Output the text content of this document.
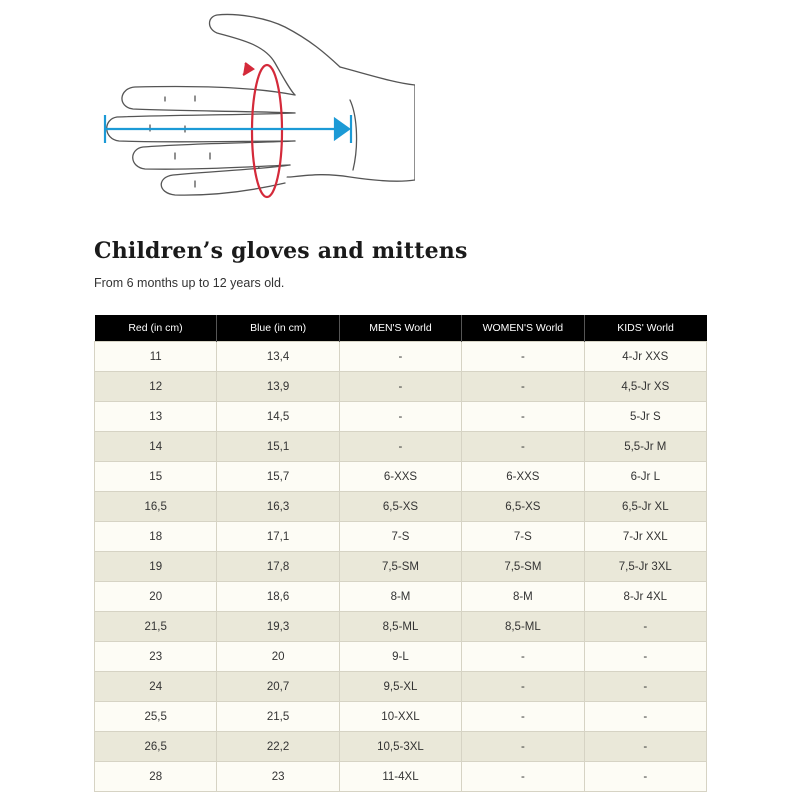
Children’s gloves and mittens

From 6 months up to 12 years old.

Red (in cm)	Blue (in cm)	MEN'S World	WOMEN'S World	KIDS' World
11	13,4	-	-	4-Jr XXS
12	13,9	-	-	4,5-Jr XS
13	14,5	-	-	5-Jr S
14	15,1	-	-	5,5-Jr M
15	15,7	6-XXS	6-XXS	6-Jr L
16,5	16,3	6,5-XS	6,5-XS	6,5-Jr XL
18	17,1	7-S	7-S	7-Jr XXL
19	17,8	7,5-SM	7,5-SM	7,5-Jr 3XL
20	18,6	8-M	8-M	8-Jr 4XL
21,5	19,3	8,5-ML	8,5-ML	-
23	20	9-L	-	-
24	20,7	9,5-XL	-	-
25,5	21,5	10-XXL	-	-
26,5	22,2	10,5-3XL	-	-
28	23	11-4XL	-	-
